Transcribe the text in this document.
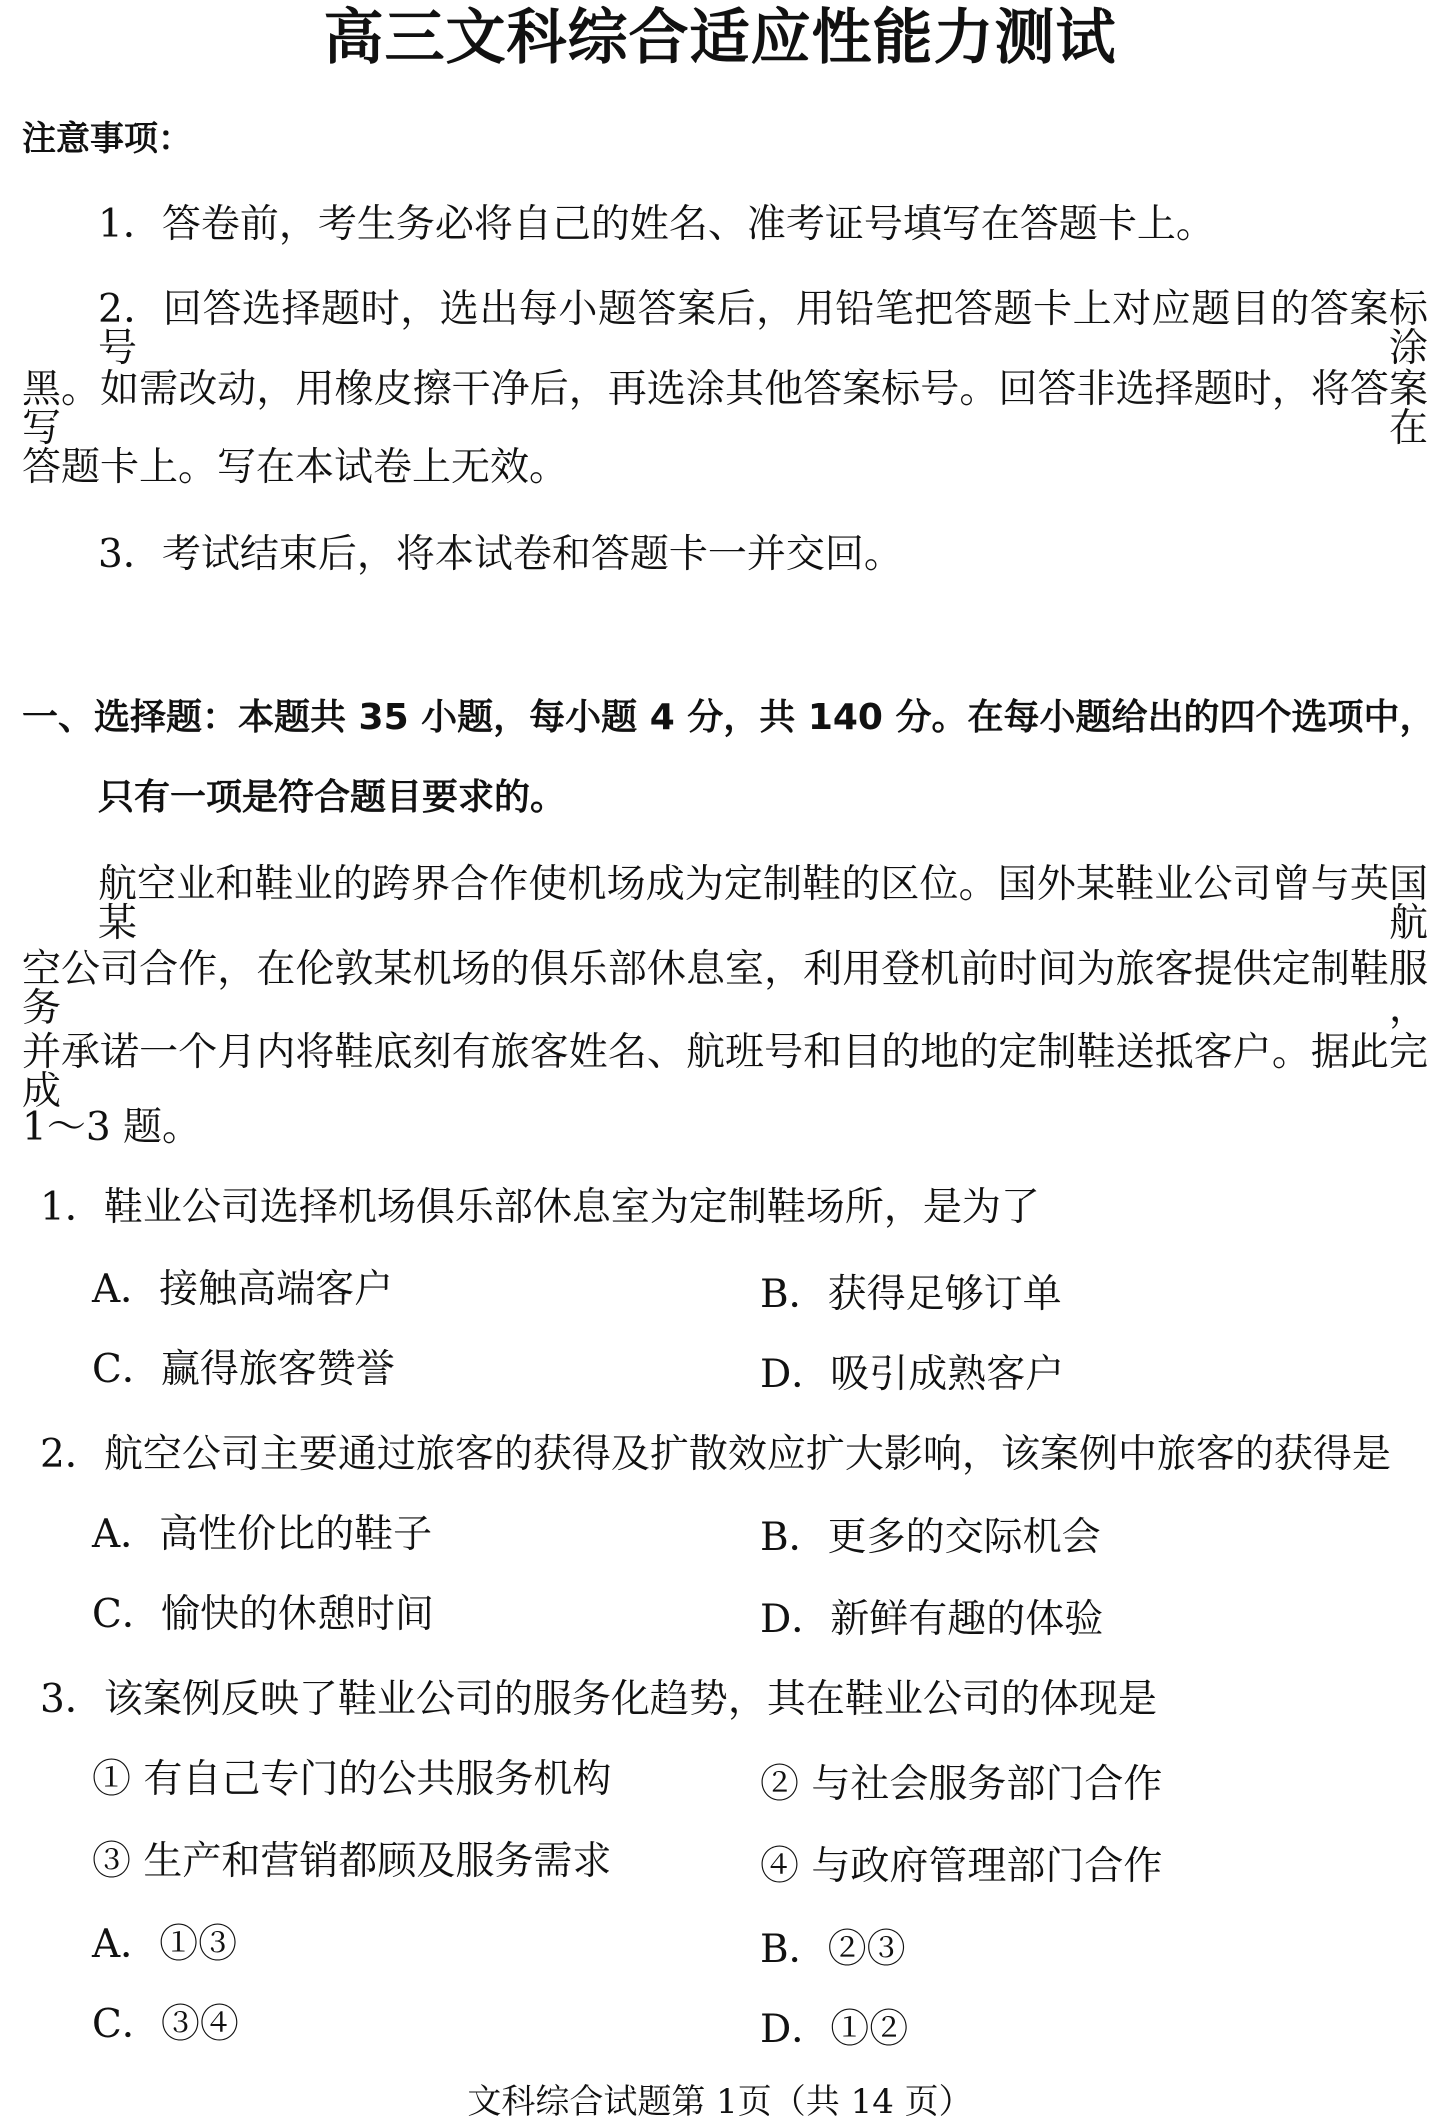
高三文科综合适应性能力测试
注意事项：
1．答卷前，考生务必将自己的姓名、准考证号填写在答题卡上。
2．回答选择题时，选出每小题答案后，用铅笔把答题卡上对应题目的答案标号涂
黑。如需改动，用橡皮擦干净后，再选涂其他答案标号。回答非选择题时，将答案写在
答题卡上。写在本试卷上无效。
3．考试结束后，将本试卷和答题卡一并交回。
一、选择题：本题共 35 小题，每小题 4 分，共 140 分。在每小题给出的四个选项中，
只有一项是符合题目要求的。
航空业和鞋业的跨界合作使机场成为定制鞋的区位。国外某鞋业公司曾与英国某航
空公司合作，在伦敦某机场的俱乐部休息室，利用登机前时间为旅客提供定制鞋服务，
并承诺一个月内将鞋底刻有旅客姓名、航班号和目的地的定制鞋送抵客户。据此完成
1～3 题。
1．鞋业公司选择机场俱乐部休息室为定制鞋场所，是为了
A．接触高端客户	B．获得足够订单
C．赢得旅客赞誉	D．吸引成熟客户
2．航空公司主要通过旅客的获得及扩散效应扩大影响，该案例中旅客的获得是
A．高性价比的鞋子	B．更多的交际机会
C．愉快的休憩时间	D．新鲜有趣的体验
3．该案例反映了鞋业公司的服务化趋势，其在鞋业公司的体现是
① 有自己专门的公共服务机构	② 与社会服务部门合作
③ 生产和营销都顾及服务需求	④ 与政府管理部门合作
A．①③	B．②③
C．③④	D．①②
文科综合试题第 1页（共 14 页）
